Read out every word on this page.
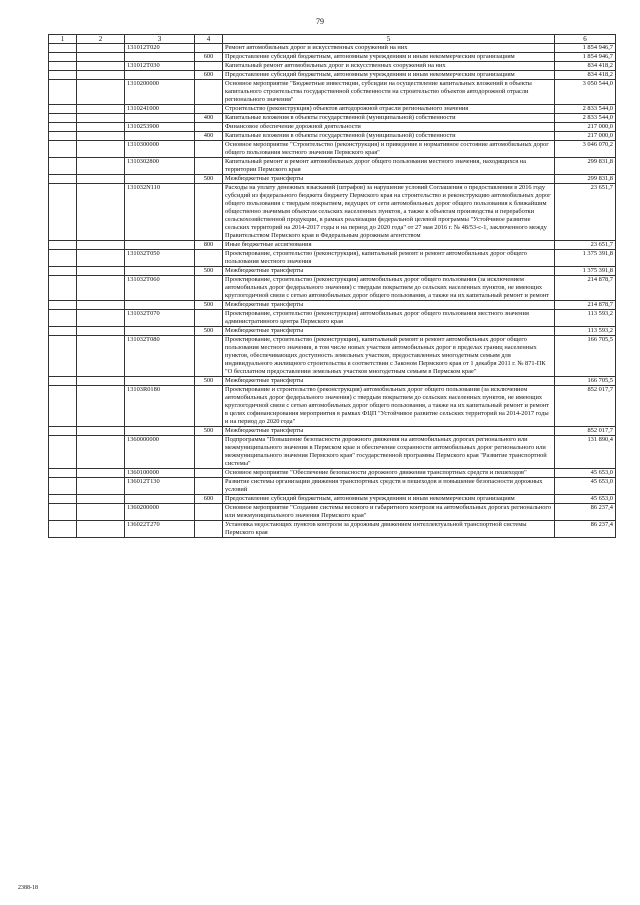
79
1	2	3	4	5	6
		131012Т020		Ремонт автомобильных дорог и искусственных сооружений на них	1 854 946,7
			600	Предоставление субсидий бюджетным, автономным учреждениям и иным некоммерческим организациям	1 854 946,7
		131012Т030		Капитальный ремонт автомобильных дорог и искусственных сооружений на них	834 418,2
			600	Предоставление субсидий бюджетным, автономным учреждениям и иным некоммерческим организациям	834 418,2
		1310200000		Основное мероприятие "Бюджетные инвестиции, субсидии на осуществление капитальных вложений в объекты капитального строительства государственной собственности на строительство объектов автодорожной отрасли регионального значения"	3 050 544,0
		1310241000		Строительство (реконструкция) объектов автодорожной отрасли регионального значения	2 833 544,0
			400	Капитальные вложения в объекты государственной (муниципальной) собственности	2 833 544,0
		1310253900		Финансовое обеспечение дорожной деятельности	217 000,0
			400	Капитальные вложения в объекты государственной (муниципальной) собственности	217 000,0
		1310300000		Основное мероприятие "Строительство (реконструкция) и приведение в нормативное состояние автомобильных дорог общего пользования местного значения Пермского края"	3 046 070,2
		1310302800		Капитальный ремонт и ремонт автомобильных дорог общего пользования местного значения, находящихся на территории Пермского края	299 831,8
			500	Межбюджетные трансферты	299 831,8
		131032N110		Расходы на уплату денежных взысканий (штрафов) за нарушение условий Соглашения о предоставлении в 2016 году субсидий из федерального бюджета бюджету Пермского края на строительство и реконструкцию автомобильных дорог общего пользования с твердым покрытием, ведущих от сети автомобильных дорог общего пользования к ближайшим общественно значимым объектам сельских населенных пунктов, а также к объектам производства и переработки сельскохозяйственной продукции, в рамках реализации федеральной целевой программы "Устойчивое развитие сельских территорий на 2014-2017 годы и на период до 2020 года" от 27 мая 2016 г. № 48/53-с-1, заключенного между Правительством Пермского края и Федеральным дорожным агентством	23 651,7
			800	Иные бюджетные ассигнования	23 651,7
		131032Т050		Проектирование, строительство (реконструкция), капитальный ремонт и ремонт автомобильных дорог общего пользования местного значения	1 375 391,8
			500	Межбюджетные трансферты	1 375 391,8
		131032Т060		Проектирование, строительство (реконструкция) автомобильных дорог общего пользования (за исключением автомобильных дорог федерального значения) с твердым покрытием до сельских населенных пунктов, не имеющих круглогодичной связи с сетью автомобильных дорог общего пользования, а также на их капитальный ремонт и ремонт	214 878,7
			500	Межбюджетные трансферты	214 878,7
		131032Т070		Проектирование, строительство (реконструкция) автомобильных дорог общего пользования местного значения административного центра Пермского края	113 593,2
			500	Межбюджетные трансферты	113 593,2
		131032Т080		Проектирование, строительство (реконструкция), капитальный ремонт и ремонт автомобильных дорог общего пользования местного значения, в том числе новых участков автомобильных дорог в пределах границ населенных пунктов, обеспечивающих доступность земельных участков, предоставленных многодетным семьям для индивидуального жилищного строительства в соответствии с Законом Пермского края от 1 декабря 2011 г. № 871-ПК "О бесплатном предоставлении земельных участков многодетным семьям в Пермском крае"	166 705,5
			500	Межбюджетные трансферты	166 705,5
		13103R0180		Проектирование и строительство (реконструкция) автомобильных дорог общего пользования (за исключением автомобильных дорог федерального значения) с твердым покрытием до сельских населенных пунктов, не имеющих круглогодичной связи с сетью автомобильных дорог общего пользования, а также на их капитальный ремонт и ремонт в целях софинансирования мероприятия в рамках ФЦП "Устойчивое развитие сельских территорий на 2014-2017 годы и на период до 2020 года"	852 017,7
			500	Межбюджетные трансферты	852 017,7
		1360000000		Подпрограмма "Повышение безопасности дорожного движения на автомобильных дорогах регионального или межмуниципального значения в Пермском крае и обеспечение сохранности автомобильных дорог регионального или межмуниципального значения Пермского края" государственной программы Пермского края "Развитие транспортной системы"	131 890,4
		1360100000		Основное мероприятие "Обеспечение безопасности дорожного движения транспортных средств и пешеходов"	45 653,0
		136012Т130		Развитие системы организации движения транспортных средств и пешеходов и повышение безопасности дорожных условий	45 653,0
			600	Предоставление субсидий бюджетным, автономным учреждениям и иным некоммерческим организациям	45 653,0
		1360200000		Основное мероприятие "Создание системы весового и габаритного контроля на автомобильных дорогах регионального или межмуниципального значения Пермского края"	86 237,4
		136022Т270		Установка недостающих пунктов контроля за дорожным движением интеллектуальной транспортной системы Пермского края	86 237,4
2388-18
